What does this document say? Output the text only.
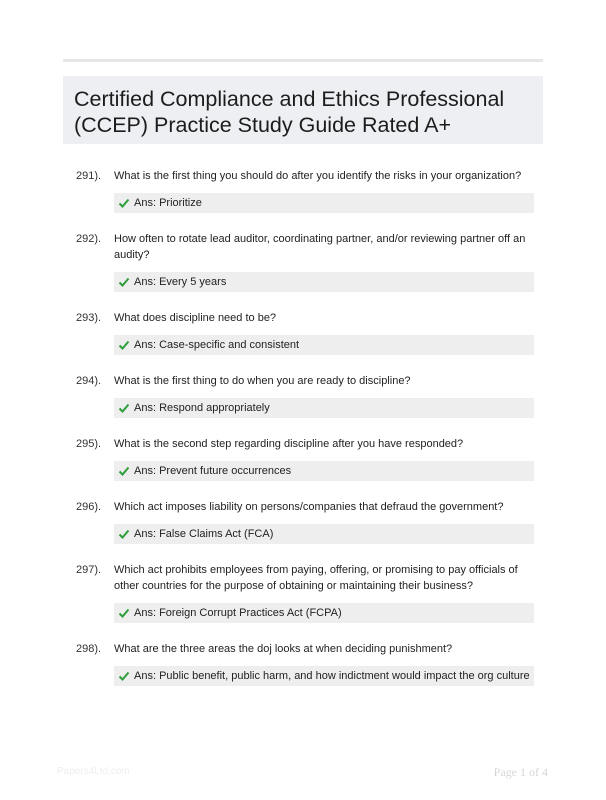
Certified Compliance and Ethics Professional (CCEP) Practice Study Guide Rated A+
291). What is the first thing you should do after you identify the risks in your organization?

Ans: Prioritize
292). How often to rotate lead auditor, coordinating partner, and/or reviewing partner off an audity?

Ans: Every 5 years
293). What does discipline need to be?

Ans: Case-specific and consistent
294). What is the first thing to do when you are ready to discipline?

Ans: Respond appropriately
295). What is the second step regarding discipline after you have responded?

Ans: Prevent future occurrences
296). Which act imposes liability on persons/companies that defraud the government?

Ans: False Claims Act (FCA)
297). Which act prohibits employees from paying, offering, or promising to pay officials of other countries for the purpose of obtaining or maintaining their business?

Ans: Foreign Corrupt Practices Act (FCPA)
298). What are the three areas the doj looks at when deciding punishment?

Ans: Public benefit, public harm, and how indictment would impact the org culture
Papers4Ltd.com	Page 1 of 4
